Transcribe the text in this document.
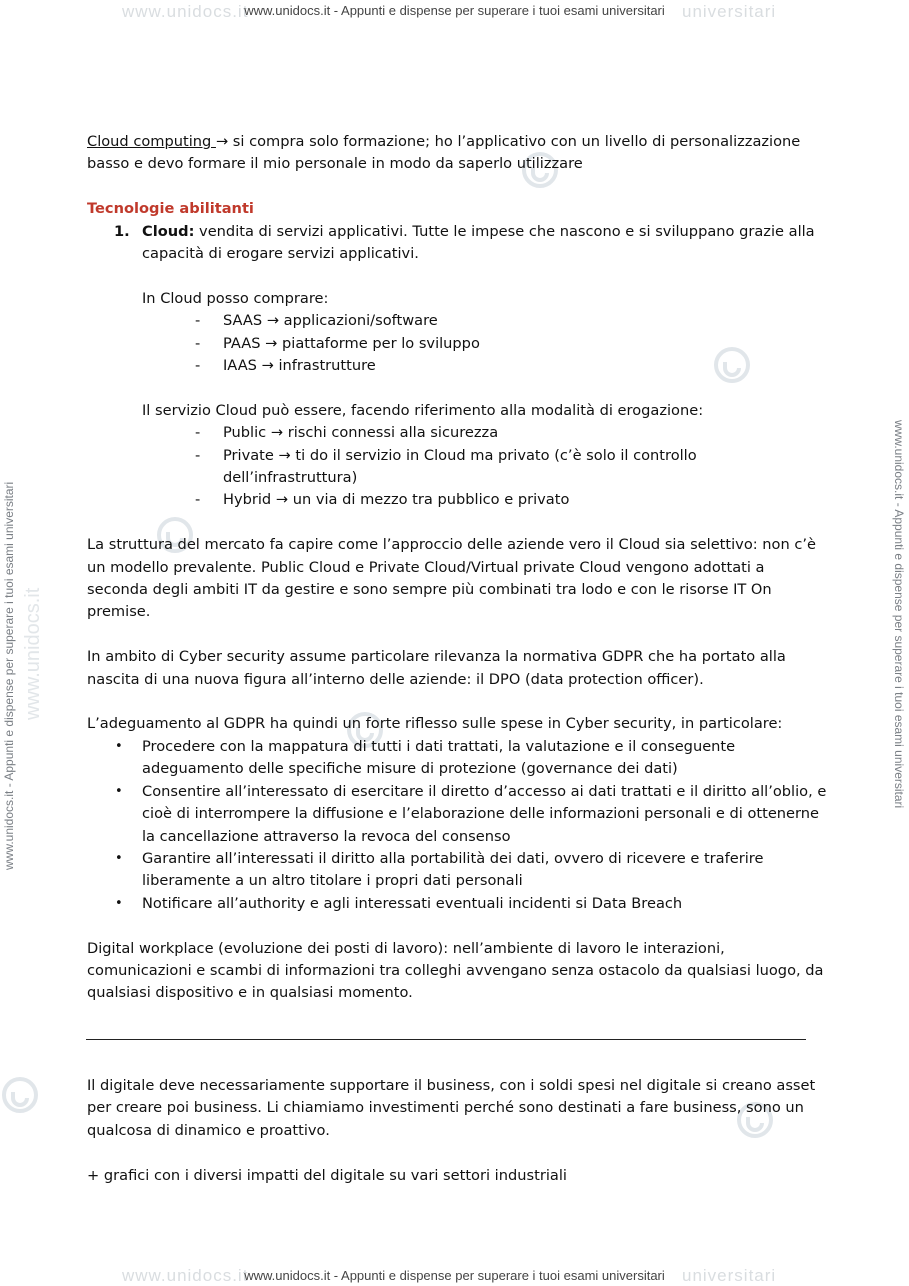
www.unidocs.it	universitari
www.unidocs.it - Appunti e dispense per superare i tuoi esami universitari
www.unidocs.it	universitari
www.unidocs.it - Appunti e dispense per superare i tuoi esami universitari
www.unidocs.it - Appunti e dispense per superare i tuoi esami universitari	www.unidocs.it - Appunti e dispense per superare i tuoi esami universitari
www.unidocs.it

Cloud computing → si compra solo formazione; ho l’applicativo con un livello di personalizzazione basso e devo formare il mio personale in modo da saperlo utilizzare

Tecnologie abilitanti

1. Cloud: vendita di servizi applicativi. Tutte le impese che nascono e si sviluppano grazie alla capacità di erogare servizi applicativi.

In Cloud posso comprare:

- SAAS → applicazioni/software
- PAAS → piattaforme per lo sviluppo
- IAAS → infrastrutture

Il servizio Cloud può essere, facendo riferimento alla modalità di erogazione:

- Public → rischi connessi alla sicurezza
- Private → ti do il servizio in Cloud ma privato (c’è solo il controllo dell’infrastruttura)
- Hybrid → un via di mezzo tra pubblico e privato

La struttura del mercato fa capire come l’approccio delle aziende vero il Cloud sia selettivo: non c’è un modello prevalente. Public Cloud e Private Cloud/Virtual private Cloud vengono adottati a seconda degli ambiti IT da gestire e sono sempre più combinati tra lodo e con le risorse IT On premise.

In ambito di Cyber security assume particolare rilevanza la normativa GDPR che ha portato alla nascita di una nuova figura all’interno delle aziende: il DPO (data protection officer).

L’adeguamento al GDPR ha quindi un forte riflesso sulle spese in Cyber security, in particolare:

• Procedere con la mappatura di tutti i dati trattati, la valutazione e il conseguente adeguamento delle specifiche misure di protezione (governance dei dati)
• Consentire all’interessato di esercitare il diretto d’accesso ai dati trattati e il diritto all’oblio, e cioè di interrompere la diffusione e l’elaborazione delle informazioni personali e di ottenerne la cancellazione attraverso la revoca del consenso
• Garantire all’interessati il diritto alla portabilità dei dati, ovvero di ricevere e traferire liberamente a un altro titolare i propri dati personali
• Notificare all’authority e agli interessati eventuali incidenti si Data Breach

Digital workplace (evoluzione dei posti di lavoro): nell’ambiente di lavoro le interazioni, comunicazioni e scambi di informazioni tra colleghi avvengano senza ostacolo da qualsiasi luogo, da qualsiasi dispositivo e in qualsiasi momento.

Il digitale deve necessariamente supportare il business, con i soldi spesi nel digitale si creano asset per creare poi business. Li chiamiamo investimenti perché sono destinati a fare business, sono un qualcosa di dinamico e proattivo.

+ grafici con i diversi impatti del digitale su vari settori industriali
